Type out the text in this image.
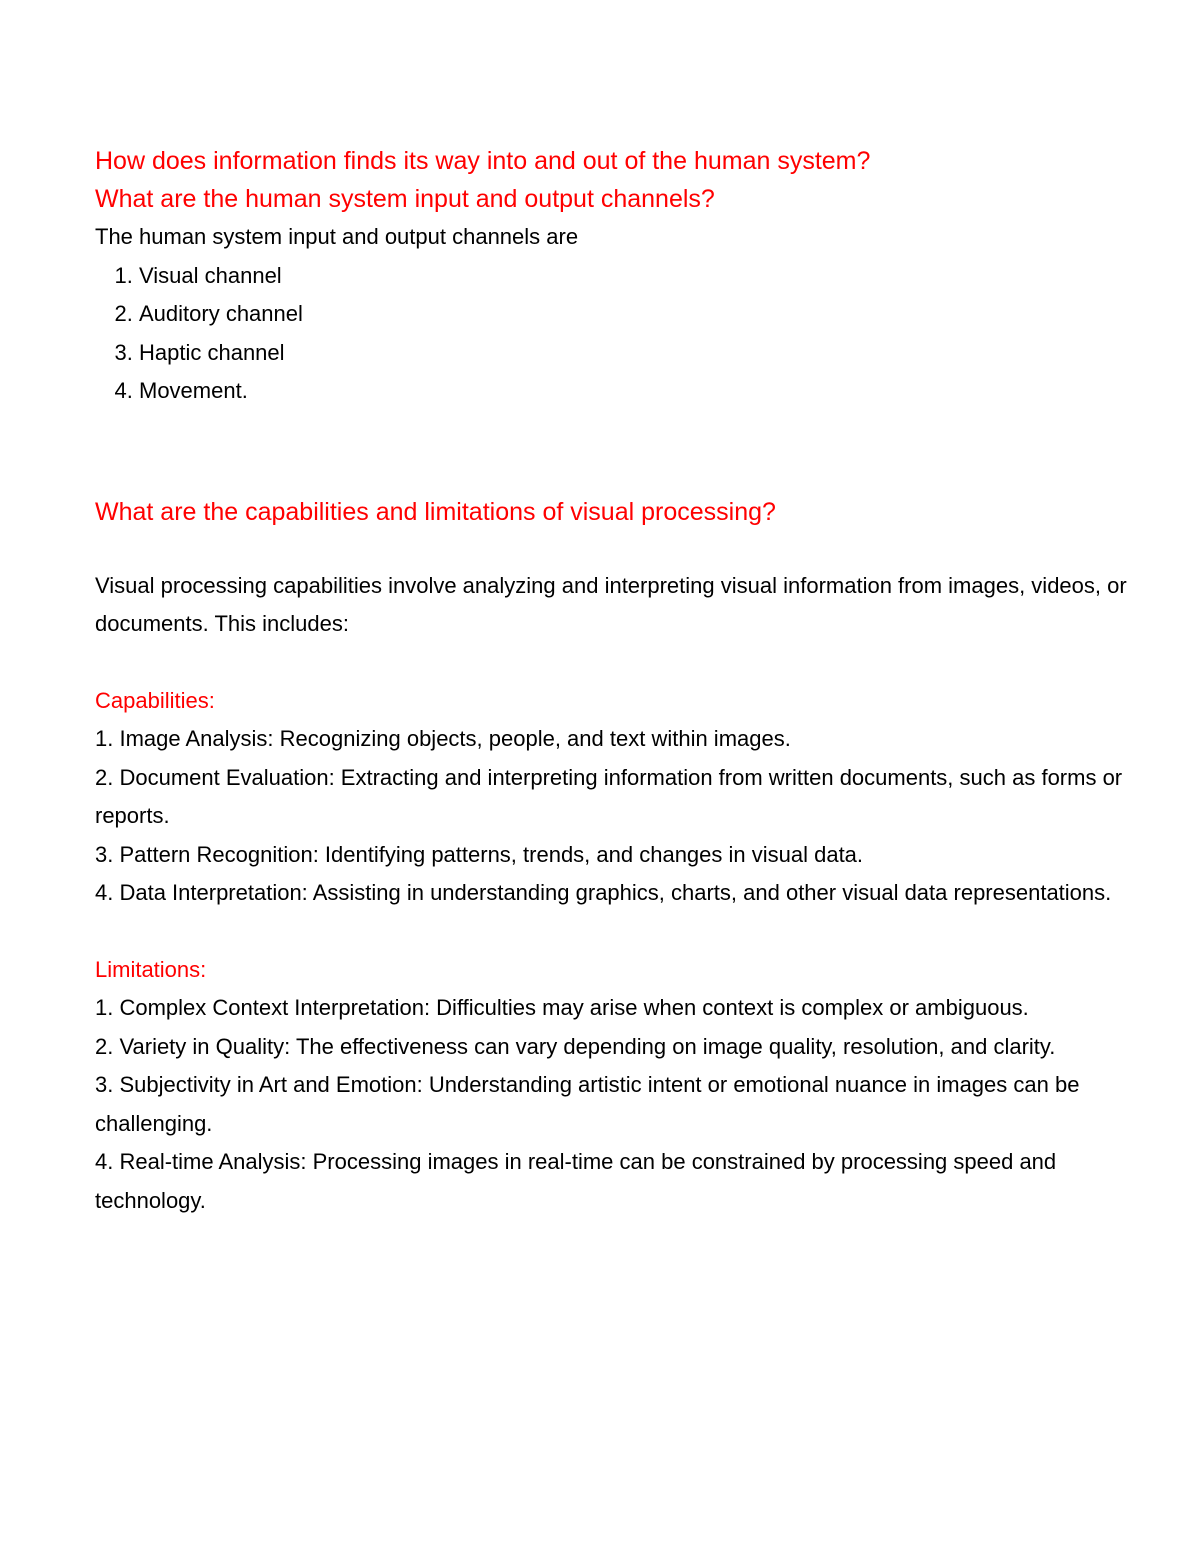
How does information finds its way into and out of the human system?

What are the human system input and output channels?

The human system input and output channels are

1. Visual channel
2. Auditory channel
3. Haptic channel
4. Movement.

What are the capabilities and limitations of visual processing?

Visual processing capabilities involve analyzing and interpreting visual information from images, videos, or documents. This includes:

Capabilities:

1. Image Analysis: Recognizing objects, people, and text within images.
2. Document Evaluation: Extracting and interpreting information from written documents, such as forms or reports.
3. Pattern Recognition: Identifying patterns, trends, and changes in visual data.
4. Data Interpretation: Assisting in understanding graphics, charts, and other visual data representations.

Limitations:

1. Complex Context Interpretation: Difficulties may arise when context is complex or ambiguous.
2. Variety in Quality: The effectiveness can vary depending on image quality, resolution, and clarity.
3. Subjectivity in Art and Emotion: Understanding artistic intent or emotional nuance in images can be challenging.
4. Real-time Analysis: Processing images in real-time can be constrained by processing speed and technology.
